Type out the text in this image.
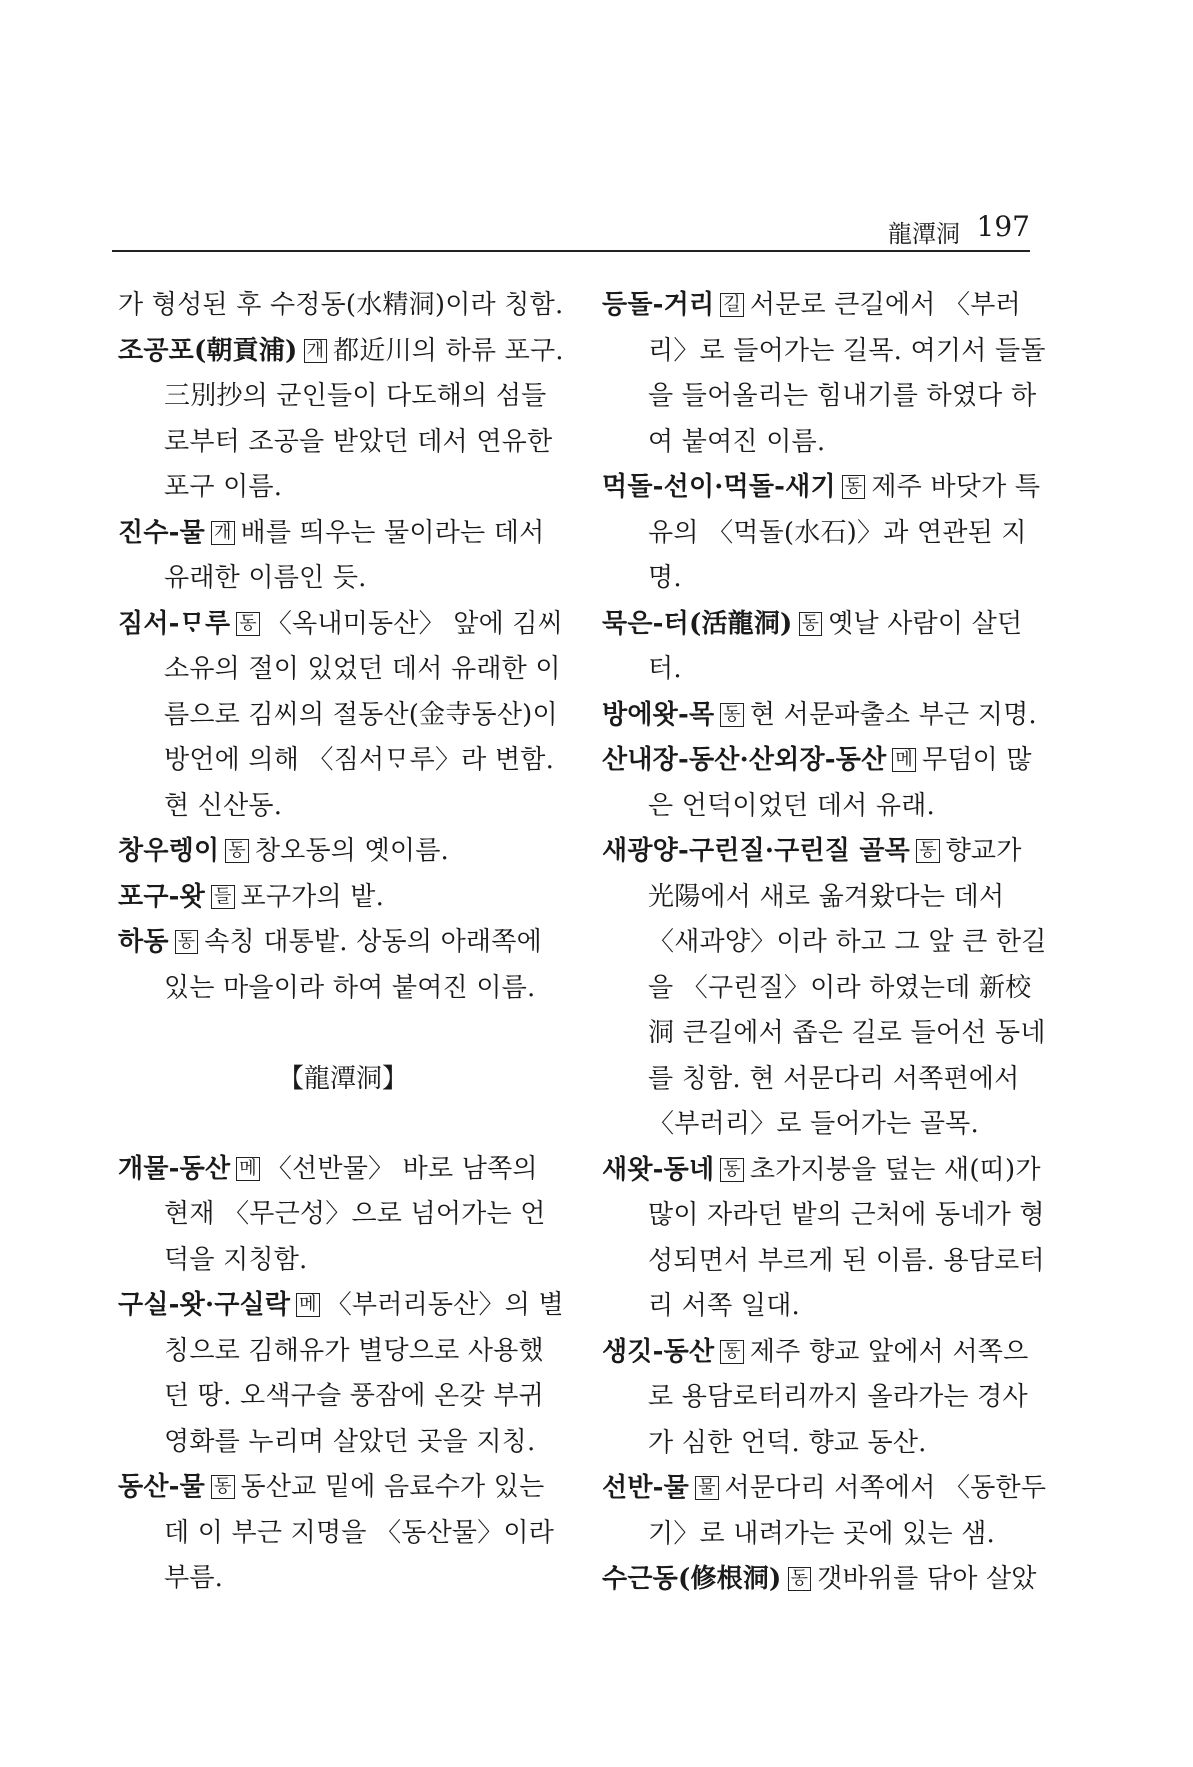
龍潭洞 197

가 형성된 후 수정동(水精洞)이라 칭함.

조공포(朝貢浦) 개 都近川의 하류 포구. 三別抄의 군인들이 다도해의 섬들로부터 조공을 받았던 데서 연유한 포구 이름.

진수-물 개 배를 띄우는 물이라는 데서 유래한 이름인 듯.

짐서-ᄆᆞ루 동 〈옥내미동산〉 앞에 김씨 소유의 절이 있었던 데서 유래한 이름으로 김씨의 절동산(金寺동산)이 방언에 의해 〈짐서ᄆᆞ루〉라 변함. 현 신산동.

창우렝이 동 창오동의 옛이름.

포구-왓 들 포구가의 밭.

하동 동 속칭 대통밭. 상동의 아래쪽에 있는 마을이라 하여 붙여진 이름.

【龍潭洞】

개물-동산 메 〈선반물〉 바로 남쪽의 현재 〈무근성〉으로 넘어가는 언덕을 지칭함.

구실-왓·구실락 메 〈부러리동산〉의 별칭으로 김해유가 별당으로 사용했던 땅. 오색구슬 풍잠에 온갖 부귀영화를 누리며 살았던 곳을 지칭.

동산-물 동 동산교 밑에 음료수가 있는데 이 부근 지명을 〈동산물〉이라 부름.

등돌-거리 길 서문로 큰길에서 〈부러리〉로 들어가는 길목. 여기서 들돌을 들어올리는 힘내기를 하였다 하여 붙여진 이름.

먹돌-선이·먹돌-새기 동 제주 바닷가 특유의 〈먹돌(水石)〉과 연관된 지명.

묵은-터(活龍洞) 동 옛날 사람이 살던 터.

방에왓-목 동 현 서문파출소 부근 지명.

산내장-동산·산외장-동산 메 무덤이 많은 언덕이었던 데서 유래.

새광양-구린질·구린질 골목 동 향교가 光陽에서 새로 옮겨왔다는 데서 〈새과양〉이라 하고 그 앞 큰 한길을 〈구린질〉이라 하였는데 新校洞 큰길에서 좁은 길로 들어선 동네를 칭함. 현 서문다리 서쪽편에서 〈부러리〉로 들어가는 골목.

새왓-동네 동 초가지붕을 덮는 새(띠)가 많이 자라던 밭의 근처에 동네가 형성되면서 부르게 된 이름. 용담로터리 서쪽 일대.

생깃-동산 동 제주 향교 앞에서 서쪽으로 용담로터리까지 올라가는 경사가 심한 언덕. 향교 동산.

선반-물 물 서문다리 서쪽에서 〈동한두기〉로 내려가는 곳에 있는 샘.

수근동(修根洞) 동 갯바위를 닦아 살았
